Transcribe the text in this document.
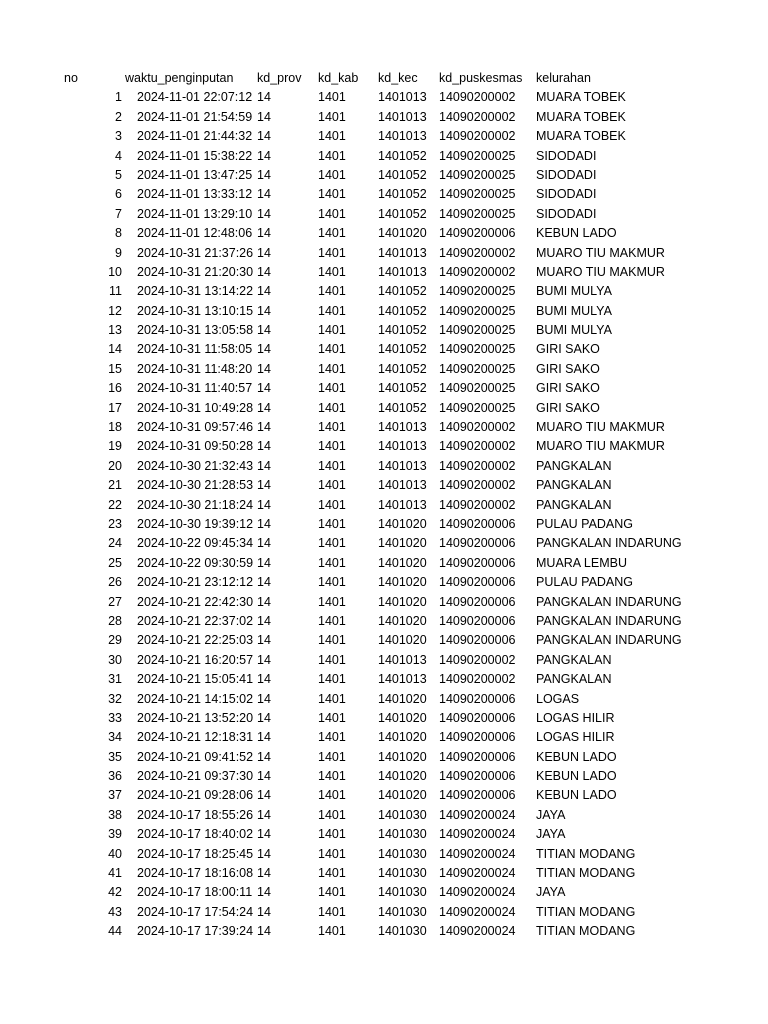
no	waktu_penginputan kd_prov kd_kab kd_kec kd_puskesmas kelurahan
1 2024-11-01 22:07:12 14	1401	1401013 14090200002 MUARA TOBEK
2 2024-11-01 21:54:59 14	1401	1401013 14090200002 MUARA TOBEK
3 2024-11-01 21:44:32 14	1401	1401013 14090200002 MUARA TOBEK
4 2024-11-01 15:38:22 14	1401	1401052 14090200025 SIDODADI
5 2024-11-01 13:47:25 14	1401	1401052 14090200025 SIDODADI
6 2024-11-01 13:33:12 14	1401	1401052 14090200025 SIDODADI
7 2024-11-01 13:29:10 14	1401	1401052 14090200025 SIDODADI
8 2024-11-01 12:48:06 14	1401	1401020 14090200006 KEBUN LADO
9 2024-10-31 21:37:26 14	1401	1401013 14090200002 MUARO TIU MAKMUR
10 2024-10-31 21:20:30 14	1401	1401013 14090200002 MUARO TIU MAKMUR
11 2024-10-31 13:14:22 14	1401	1401052 14090200025 BUMI MULYA
12 2024-10-31 13:10:15 14	1401	1401052 14090200025 BUMI MULYA
13 2024-10-31 13:05:58 14	1401	1401052 14090200025 BUMI MULYA
14 2024-10-31 11:58:05 14	1401	1401052 14090200025 GIRI SAKO
15 2024-10-31 11:48:20 14	1401	1401052 14090200025 GIRI SAKO
16 2024-10-31 11:40:57 14	1401	1401052 14090200025 GIRI SAKO
17 2024-10-31 10:49:28 14	1401	1401052 14090200025 GIRI SAKO
18 2024-10-31 09:57:46 14	1401	1401013 14090200002 MUARO TIU MAKMUR
19 2024-10-31 09:50:28 14	1401	1401013 14090200002 MUARO TIU MAKMUR
20 2024-10-30 21:32:43 14	1401	1401013 14090200002 PANGKALAN
21 2024-10-30 21:28:53 14	1401	1401013 14090200002 PANGKALAN
22 2024-10-30 21:18:24 14	1401	1401013 14090200002 PANGKALAN
23 2024-10-30 19:39:12 14	1401	1401020 14090200006 PULAU PADANG
24 2024-10-22 09:45:34 14	1401	1401020 14090200006 PANGKALAN INDARUNG
25 2024-10-22 09:30:59 14	1401	1401020 14090200006 MUARA LEMBU
26 2024-10-21 23:12:12 14	1401	1401020 14090200006 PULAU PADANG
27 2024-10-21 22:42:30 14	1401	1401020 14090200006 PANGKALAN INDARUNG
28 2024-10-21 22:37:02 14	1401	1401020 14090200006 PANGKALAN INDARUNG
29 2024-10-21 22:25:03 14	1401	1401020 14090200006 PANGKALAN INDARUNG
30 2024-10-21 16:20:57 14	1401	1401013 14090200002 PANGKALAN
31 2024-10-21 15:05:41 14	1401	1401013 14090200002 PANGKALAN
32 2024-10-21 14:15:02 14	1401	1401020 14090200006 LOGAS
33 2024-10-21 13:52:20 14	1401	1401020 14090200006 LOGAS HILIR
34 2024-10-21 12:18:31 14	1401	1401020 14090200006 LOGAS HILIR
35 2024-10-21 09:41:52 14	1401	1401020 14090200006 KEBUN LADO
36 2024-10-21 09:37:30 14	1401	1401020 14090200006 KEBUN LADO
37 2024-10-21 09:28:06 14	1401	1401020 14090200006 KEBUN LADO
38 2024-10-17 18:55:26 14	1401	1401030 14090200024 JAYA
39 2024-10-17 18:40:02 14	1401	1401030 14090200024 JAYA
40 2024-10-17 18:25:45 14	1401	1401030 14090200024 TITIAN MODANG
41 2024-10-17 18:16:08 14	1401	1401030 14090200024 TITIAN MODANG
42 2024-10-17 18:00:11 14	1401	1401030 14090200024 JAYA
43 2024-10-17 17:54:24 14	1401	1401030 14090200024 TITIAN MODANG
44 2024-10-17 17:39:24 14	1401	1401030 14090200024 TITIAN MODANG
